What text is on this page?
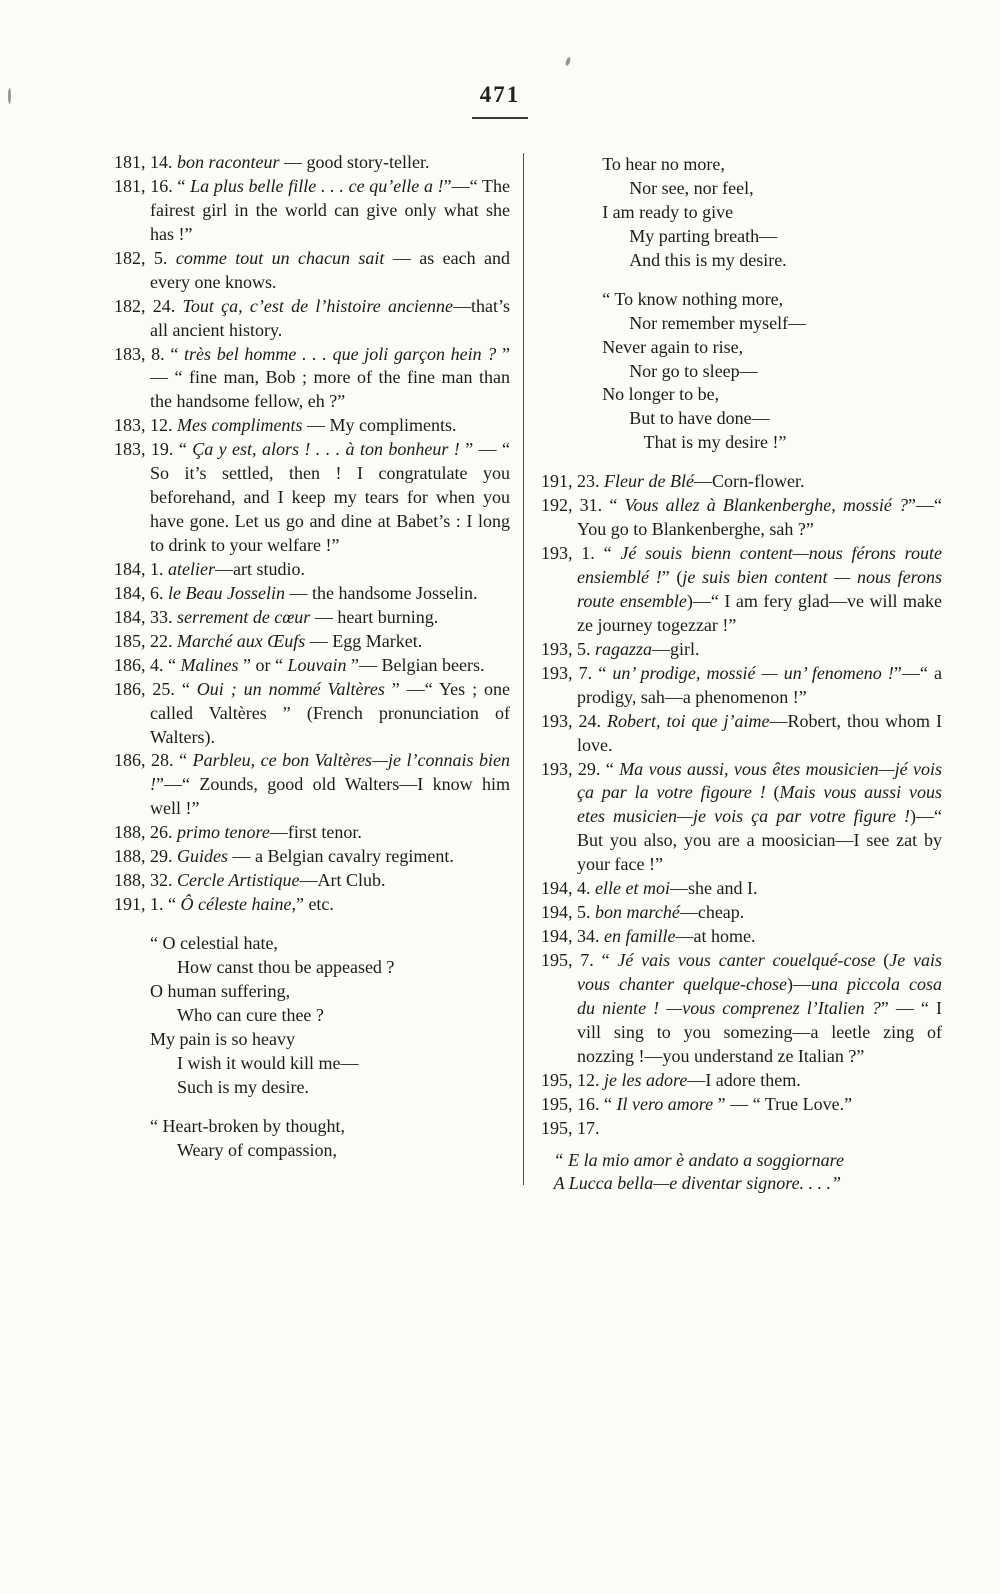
471

181, 14. bon raconteur — good story-teller.

181, 16. “ La plus belle fille . . . ce qu’elle a !”—“ The fairest girl in the world can give only what she has !”

182, 5. comme tout un chacun sait — as each and every one knows.

182, 24. Tout ça, c’est de l’histoire ancienne—that’s all ancient history.

183, 8. “ très bel homme . . . que joli garçon hein ? ” — “ fine man, Bob ; more of the fine man than the handsome fellow, eh ?”

183, 12. Mes compliments — My compliments.

183, 19. “ Ça y est, alors ! . . . à ton bonheur ! ” — “ So it’s settled, then ! I congratulate you beforehand, and I keep my tears for when you have gone. Let us go and dine at Babet’s : I long to drink to your welfare !”

184, 1. atelier—art studio.

184, 6. le Beau Josselin — the handsome Josselin.

184, 33. serrement de cœur — heart burning.

185, 22. Marché aux Œufs — Egg Market.

186, 4. “ Malines ” or “ Louvain ”— Belgian beers.

186, 25. “ Oui ; un nommé Valtères ” —“ Yes ; one called Valtères ” (French pronunciation of Walters).

186, 28. “ Parbleu, ce bon Valtères—je l’connais bien !”—“ Zounds, good old Walters—I know him well !”

188, 26. primo tenore—first tenor.

188, 29. Guides — a Belgian cavalry regiment.

188, 32. Cercle Artistique—Art Club.

191, 1. “ Ô céleste haine,” etc.

“ O celestial hate,
How canst thou be appeased ?
O human suffering,
Who can cure thee ?
My pain is so heavy
I wish it would kill me—
Such is my desire.
“ Heart-broken by thought,
Weary of compassion,
To hear no more,
Nor see, nor feel,
I am ready to give
My parting breath—
And this is my desire.
“ To know nothing more,
Nor remember myself—
Never again to rise,
Nor go to sleep—
No longer to be,
But to have done—
That is my desire !”

191, 23. Fleur de Blé—Corn-flower.

192, 31. “ Vous allez à Blankenberghe, mossié ?”—“ You go to Blankenberghe, sah ?”

193, 1. “ Jé souis bienn content—nous férons route ensiemblé !” (je suis bien content — nous ferons route ensemble)—“ I am fery glad—ve will make ze journey togezzar !”

193, 5. ragazza—girl.

193, 7. “ un’ prodige, mossié — un’ fenomeno !”—“ a prodigy, sah—a phenomenon !”

193, 24. Robert, toi que j’aime—Robert, thou whom I love.

193, 29. “ Ma vous aussi, vous êtes mousicien—jé vois ça par la votre figoure ! (Mais vous aussi vous etes musicien—je vois ça par votre figure !)—“ But you also, you are a moosician—I see zat by your face !”

194, 4. elle et moi—she and I.

194, 5. bon marché—cheap.

194, 34. en famille—at home.

195, 7. “ Jé vais vous canter couelqué-cose (Je vais vous chanter quelque-chose)—una piccola cosa du niente ! —vous comprenez l’Italien ?” — “ I vill sing to you somezing—a leetle zing of nozzing !—you understand ze Italian ?”

195, 12. je les adore—I adore them.

195, 16. “ Il vero amore ” — “ True Love.”

195, 17.

“ E la mio amor è andato a soggiornare
A Lucca bella—e diventar signore. . . .”
